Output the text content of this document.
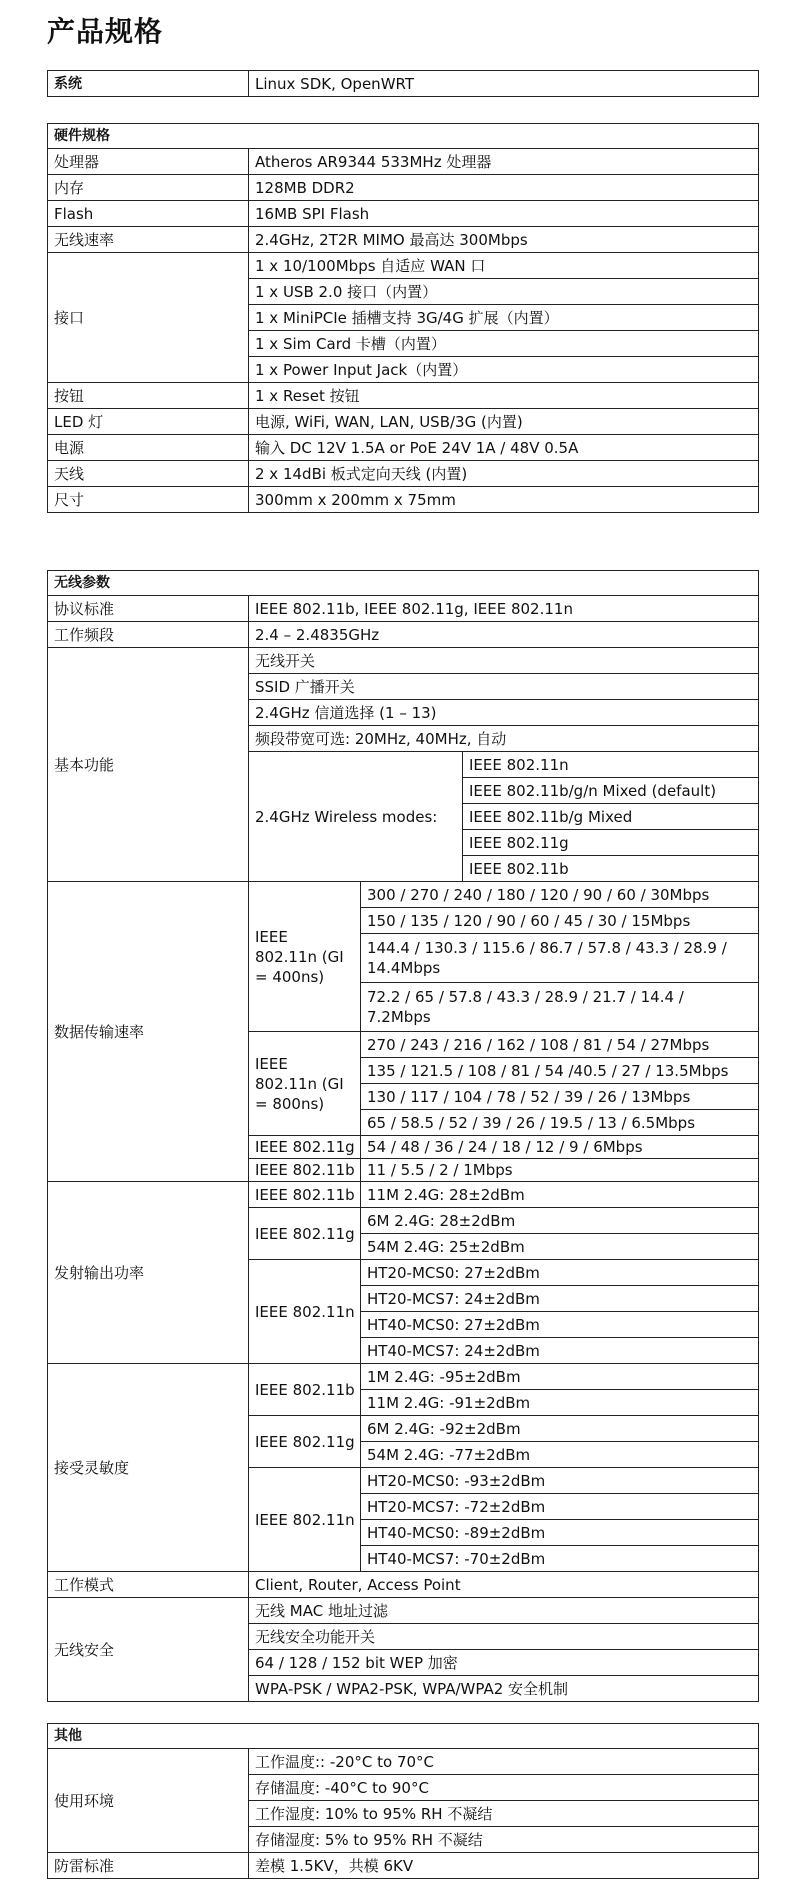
产品规格
系统	Linux SDK, OpenWRT
硬件规格	
处理器	Atheros AR9344 533MHz 处理器
内存	128MB DDR2
Flash	16MB SPI Flash
无线速率	2.4GHz, 2T2R MIMO 最高达 300Mbps
接口	1 x 10/100Mbps 自适应 WAN 口
	1 x USB 2.0 接口（内置）
	1 x MiniPCIe 插槽支持 3G/4G 扩展（内置）
	1 x Sim Card 卡槽（内置）
	1 x Power Input Jack（内置）
按钮	1 x Reset 按钮
LED 灯	电源, WiFi, WAN, LAN, USB/3G (内置)
电源	输入 DC 12V 1.5A or PoE 24V 1A / 48V 0.5A
天线	2 x 14dBi 板式定向天线 (内置)
尺寸	300mm x 200mm x 75mm
无线参数			
协议标准	IEEE 802.11b, IEEE 802.11g, IEEE 802.11n		
工作频段	2.4 – 2.4835GHz		
基本功能	无线开关		
	SSID 广播开关		
	2.4GHz 信道选择 (1 – 13)		
	频段带宽可选: 20MHz, 40MHz, 自动		
	2.4GHz Wireless modes:		IEEE 802.11n
			IEEE 802.11b/g/n Mixed (default)
			IEEE 802.11b/g Mixed
			IEEE 802.11g
			IEEE 802.11b
数据传输速率	IEEE 802.11n (GI = 400ns)	300 / 270 / 240 / 180 / 120 / 90 / 60 / 30Mbps	
		150 / 135 / 120 / 90 / 60 / 45 / 30 / 15Mbps	
		144.4 / 130.3 / 115.6 / 86.7 / 57.8 / 43.3 / 28.9 / 14.4Mbps	
		72.2 / 65 / 57.8 / 43.3 / 28.9 / 21.7 / 14.4 / 7.2Mbps	
	IEEE 802.11n (GI = 800ns)	270 / 243 / 216 / 162 / 108 / 81 / 54 / 27Mbps	
		135 / 121.5 / 108 / 81 / 54 /40.5 / 27 / 13.5Mbps	
		130 / 117 / 104 / 78 / 52 / 39 / 26 / 13Mbps	
		65 / 58.5 / 52 / 39 / 26 / 19.5 / 13 / 6.5Mbps	
	IEEE 802.11g	54 / 48 / 36 / 24 / 18 / 12 / 9 / 6Mbps	
	IEEE 802.11b	11 / 5.5 / 2 / 1Mbps	
发射输出功率	IEEE 802.11b	11M 2.4G: 28±2dBm	
	IEEE 802.11g	6M 2.4G: 28±2dBm	
		54M 2.4G: 25±2dBm	
	IEEE 802.11n	HT20-MCS0: 27±2dBm	
		HT20-MCS7: 24±2dBm	
		HT40-MCS0: 27±2dBm	
		HT40-MCS7: 24±2dBm	
接受灵敏度	IEEE 802.11b	1M 2.4G: -95±2dBm	
		11M 2.4G: -91±2dBm	
	IEEE 802.11g	6M 2.4G: -92±2dBm	
		54M 2.4G: -77±2dBm	
	IEEE 802.11n	HT20-MCS0: -93±2dBm	
		HT20-MCS7: -72±2dBm	
		HT40-MCS0: -89±2dBm	
		HT40-MCS7: -70±2dBm	
工作模式	Client, Router, Access Point		
无线安全	无线 MAC 地址过滤		
	无线安全功能开关		
	64 / 128 / 152 bit WEP 加密		
	WPA-PSK / WPA2-PSK, WPA/WPA2 安全机制		
其他	
使用环境	工作温度:: -20°C to 70°C
	存储温度: -40°C to 90°C
	工作湿度: 10% to 95% RH 不凝结
	存储湿度: 5% to 95% RH 不凝结
防雷标准	差模 1.5KV，共模 6KV
